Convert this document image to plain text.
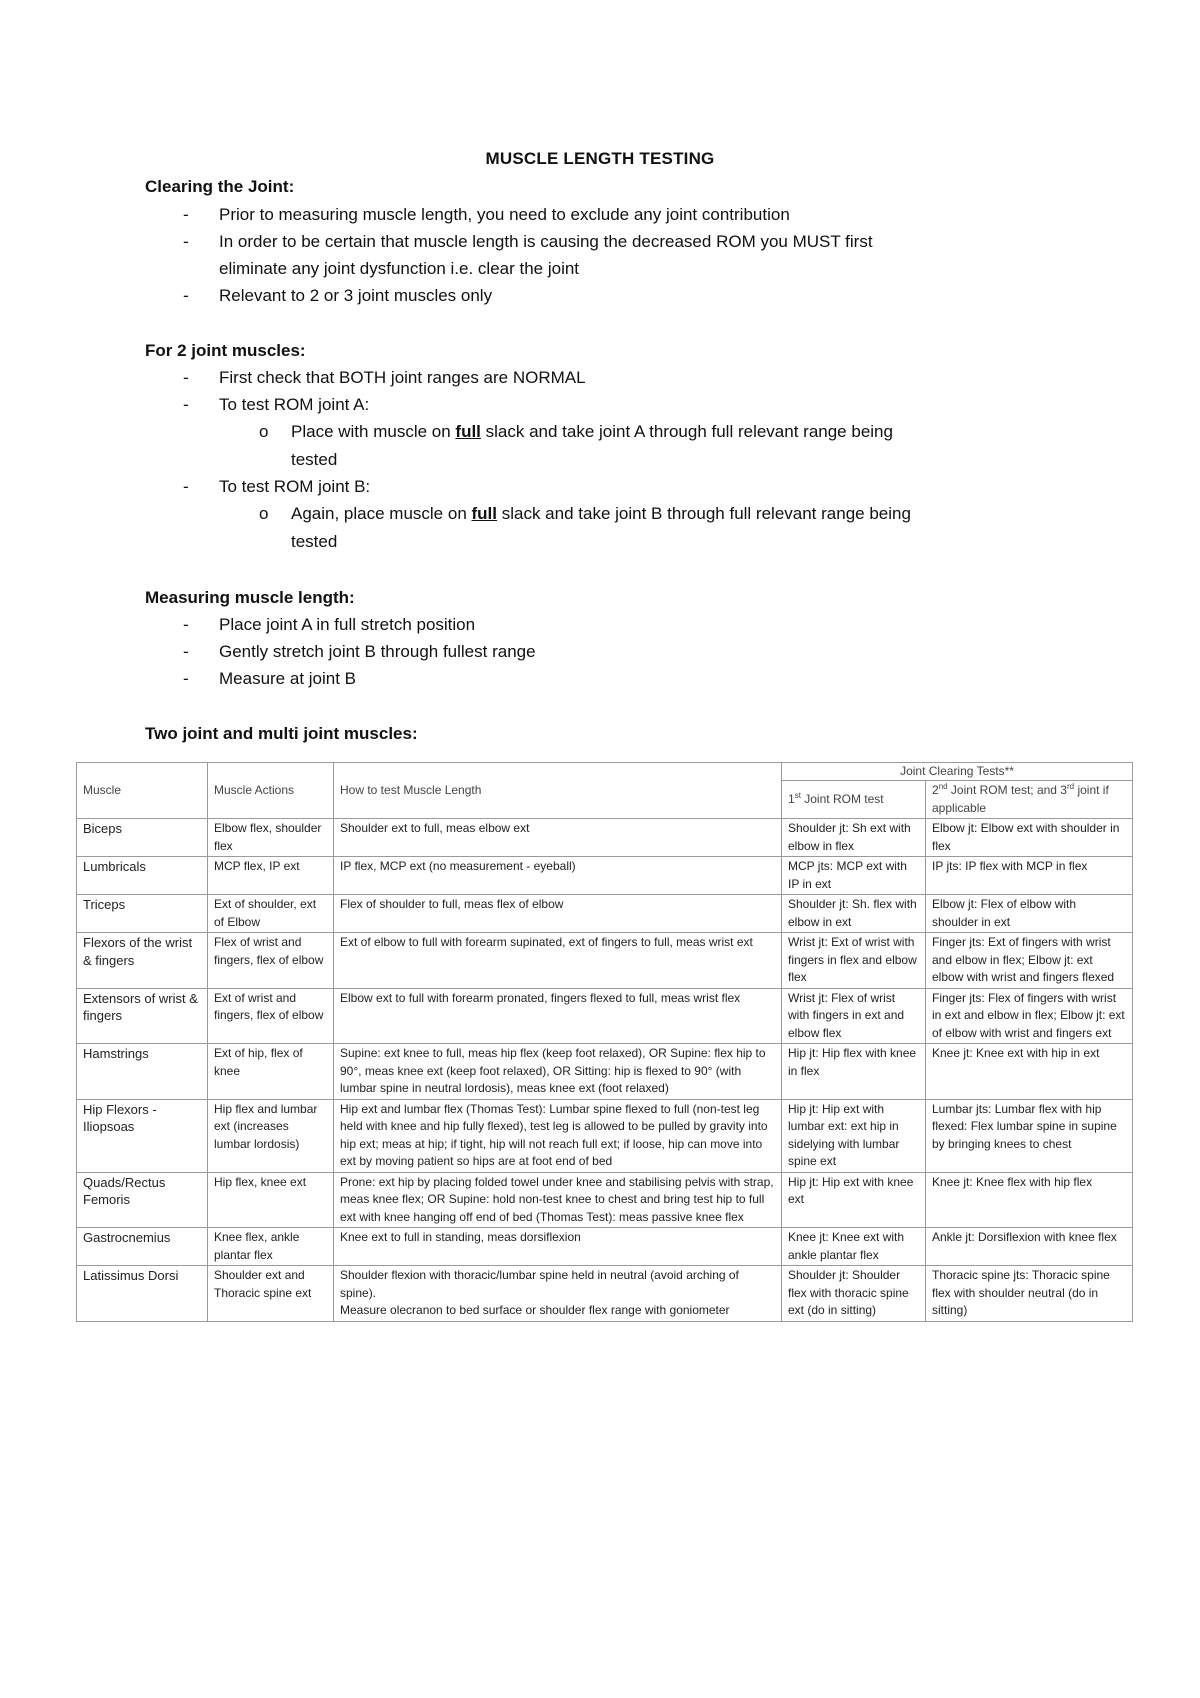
MUSCLE LENGTH TESTING
Clearing the Joint:
- Prior to measuring muscle length, you need to exclude any joint contribution
- In order to be certain that muscle length is causing the decreased ROM you MUST first
eliminate any joint dysfunction i.e. clear the joint
- Relevant to 2 or 3 joint muscles only
For 2 joint muscles:
- First check that BOTH joint ranges are NORMAL
- To test ROM joint A:
o Place with muscle on full slack and take joint A through full relevant range being
tested
- To test ROM joint B:
o Again, place muscle on full slack and take joint B through full relevant range being
tested
Measuring muscle length:
- Place joint A in full stretch position
- Gently stretch joint B through fullest range
- Measure at joint B
Two joint and multi joint muscles:
Muscle	Muscle Actions	How to test Muscle Length	Joint Clearing Tests**	
			1st Joint ROM test	2nd Joint ROM test; and 3rd joint if applicable
Biceps	Elbow flex, shoulder flex	Shoulder ext to full, meas elbow ext	Shoulder jt: Sh ext with elbow in flex	Elbow jt: Elbow ext with shoulder in flex
Lumbricals	MCP flex, IP ext	IP flex, MCP ext (no measurement - eyeball)	MCP jts: MCP ext with IP in ext	IP jts: IP flex with MCP in flex
Triceps	Ext of shoulder, ext of Elbow	Flex of shoulder to full, meas flex of elbow	Shoulder jt: Sh. flex with elbow in ext	Elbow jt: Flex of elbow with shoulder in ext
Flexors of the wrist & fingers	Flex of wrist and fingers, flex of elbow	Ext of elbow to full with forearm supinated, ext of fingers to full, meas wrist ext	Wrist jt: Ext of wrist with fingers in flex and elbow flex	Finger jts: Ext of fingers with wrist and elbow in flex; Elbow jt: ext elbow with wrist and fingers flexed
Extensors of wrist & fingers	Ext of wrist and fingers, flex of elbow	Elbow ext to full with forearm pronated, fingers flexed to full, meas wrist flex	Wrist jt: Flex of wrist with fingers in ext and elbow flex	Finger jts: Flex of fingers with wrist in ext and elbow in flex; Elbow jt: ext of elbow with wrist and fingers ext
Hamstrings	Ext of hip, flex of knee	Supine: ext knee to full, meas hip flex (keep foot relaxed), OR Supine: flex hip to 90°, meas knee ext (keep foot relaxed), OR Sitting: hip is flexed to 90° (with lumbar spine in neutral lordosis), meas knee ext (foot relaxed)	Hip jt: Hip flex with knee in flex	Knee jt: Knee ext with hip in ext
Hip Flexors - Iliopsoas	Hip flex and lumbar ext (increases lumbar lordosis)	Hip ext and lumbar flex (Thomas Test): Lumbar spine flexed to full (non-test leg held with knee and hip fully flexed), test leg is allowed to be pulled by gravity into hip ext; meas at hip; if tight, hip will not reach full ext; if loose, hip can move into ext by moving patient so hips are at foot end of bed	Hip jt: Hip ext with lumbar ext: ext hip in sidelying with lumbar spine ext	Lumbar jts: Lumbar flex with hip flexed: Flex lumbar spine in supine by bringing knees to chest
Quads/Rectus Femoris	Hip flex, knee ext	Prone: ext hip by placing folded towel under knee and stabilising pelvis with strap, meas knee flex; OR Supine: hold non-test knee to chest and bring test hip to full ext with knee hanging off end of bed (Thomas Test): meas passive knee flex	Hip jt: Hip ext with knee ext	Knee jt: Knee flex with hip flex
Gastrocnemius	Knee flex, ankle plantar flex	Knee ext to full in standing, meas dorsiflexion	Knee jt: Knee ext with ankle plantar flex	Ankle jt: Dorsiflexion with knee flex
Latissimus Dorsi	Shoulder ext and Thoracic spine ext	Shoulder flexion with thoracic/lumbar spine held in neutral (avoid arching of spine).
Measure olecranon to bed surface or shoulder flex range with goniometer	Shoulder jt: Shoulder flex with thoracic spine ext (do in sitting)	Thoracic spine jts: Thoracic spine flex with shoulder neutral (do in sitting)
